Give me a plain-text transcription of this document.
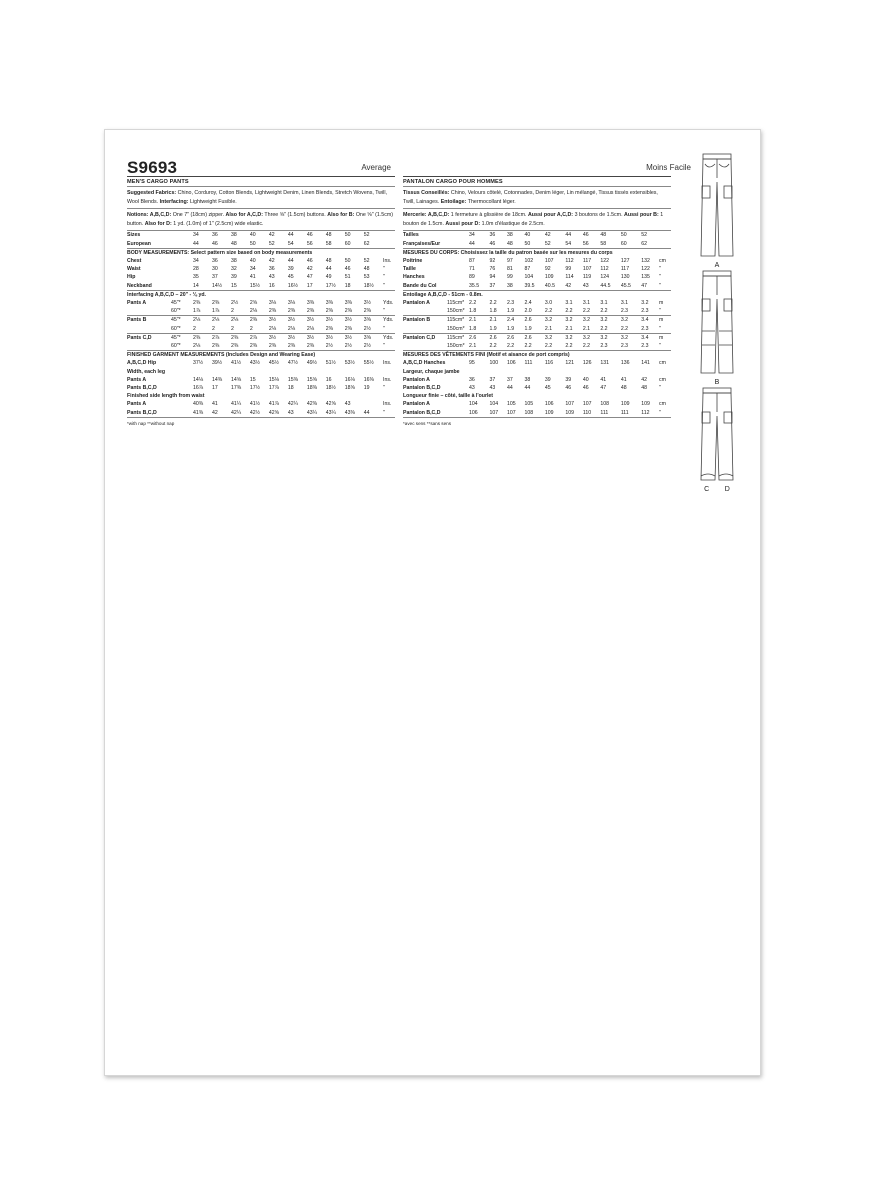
S9693	Average
MEN'S CARGO PANTS
Suggested Fabrics: Chino, Corduroy, Cotton Blends, Lightweight Denim, Linen Blends, Stretch Wovens, Twill, Wool Blends. Interfacing: Lightweight Fusible.
Notions: A,B,C,D: One 7" (18cm) zipper. Also for A,C,D: Three ⅝" (1.5cm) buttons. Also for B: One ⅝" (1.5cm) button. Also for D: 1 yd. (1.0m) of 1" (2.5cm) wide elastic.
Sizes		34	36	38	40	42	44	46	48	50	52	
European		44	46	48	50	52	54	56	58	60	62	
BODY MEASUREMENTS: Select pattern size based on body measurements												
Chest		34	36	38	40	42	44	46	48	50	52	Ins.
Waist		28	30	32	34	36	39	42	44	46	48	"
Hip		35	37	39	41	43	45	47	49	51	53	"
Neckband		14	14½	15	15½	16	16½	17	17½	18	18½	"
Interfacing A,B,C,D – 20" - ⅛ yd.												
Pants A	45"*	2⅜	2⅜	2½	2⅝	3⅛	3⅛	3⅜	3⅜	3⅜	3½	Yds.
	60"*	1⅞	1⅞	2	2⅛	2⅜	2⅜	2⅜	2⅜	2⅜	2⅜	"
Pants B	45"*	2⅛	2⅛	2⅛	2⅜	3½	3½	3½	3½	3½	3⅝	Yds.
	60"*	2	2	2	2	2⅛	2⅛	2⅛	2⅜	2⅜	2½	"
Pants C,D	45"*	2⅜	2⅞	2⅜	2⅞	3½	3½	3½	3½	3½	3⅝	Yds.
	60"*	2⅛	2⅜	2⅜	2⅜	2⅜	2⅜	2⅜	2½	2½	2½	"
FINISHED GARMENT MEASUREMENTS (Includes Design and Wearing Ease)												
A,B,C,D Hip		37½	39½	41½	43½	45½	47½	49½	51½	53½	55½	Ins.
Width, each leg												
Pants A		14⅛	14⅜	14⅝	15	15⅛	15⅜	15⅝	16	16⅛	16⅜	Ins.
Pants B,C,D		16⅞	17	17⅜	17½	17⅞	18	18⅜	18½	18⅝	19	"
Finished side length from waist												
Pants A		40⅜	41	41¼	41½	41⅞	42¼	42⅜	42⅝	43		Ins.
Pants B,C,D		41⅜	42	42¼	42½	42⅝	43	43¼	43¼	43⅜	44	"
*with nap **without nap
Moins Facile
PANTALON CARGO POUR HOMMES
Tissus Conseillés: Chino, Velours côtelé, Cotonnades, Denim léger, Lin mélangé, Tissus tissés extensibles, Twill, Lainages. Entoilage: Thermocollant léger.
Mercerie: A,B,C,D: 1 fermeture à glissière de 18cm. Aussi pour A,C,D: 3 boutons de 1.5cm. Aussi pour B: 1 bouton de 1.5cm. Aussi pour D: 1.0m d'élastique de 2.5cm.
Tailles		34	36	38	40	42	44	46	48	50	52	
Françaises/Eur		44	46	48	50	52	54	56	58	60	62	
MESURES DU CORPS: Choisissez la taille du patron basée sur les mesures du corps												
Poitrine		87	92	97	102	107	112	117	122	127	132	cm
Taille		71	76	81	87	92	99	107	112	117	122	"
Hanches		89	94	99	104	109	114	119	124	130	135	"
Bande du Col		35.5	37	38	39.5	40.5	42	43	44.5	45.5	47	"
Entoilage A,B,C,D - 51cm - 0.8m.												
Pantalon A	115cm*	2.2	2.2	2.3	2.4	3.0	3.1	3.1	3.1	3.1	3.2	m
	150cm*	1.8	1.8	1.9	2.0	2.2	2.2	2.2	2.2	2.3	2.3	"
Pantalon B	115cm*	2.1	2.1	2.4	2.6	3.2	3.2	3.2	3.2	3.2	3.4	m
	150cm*	1.8	1.9	1.9	1.9	2.1	2.1	2.1	2.2	2.2	2.3	"
Pantalon C,D	115cm*	2.6	2.6	2.6	2.6	3.2	3.2	3.2	3.2	3.2	3.4	m
	150cm*	2.1	2.2	2.2	2.2	2.2	2.2	2.2	2.3	2.3	2.3	"
MESURES DES VÊTEMENTS FINI (Motif et aisance de port compris)												
A,B,C,D Hanches		95	100	106	111	116	121	126	131	136	141	cm
Largeur, chaque jambe												
Pantalon A		36	37	37	38	39	39	40	41	41	42	cm
Pantalon B,C,D		43	43	44	44	45	46	46	47	48	48	"
Longueur finie – côté, taille à l'ourlet												
Pantalon A		104	104	105	105	106	107	107	108	109	109	cm
Pantalon B,C,D		106	107	107	108	109	109	110	111	111	112	"
*avec sens **sans sens
A
B
C D
